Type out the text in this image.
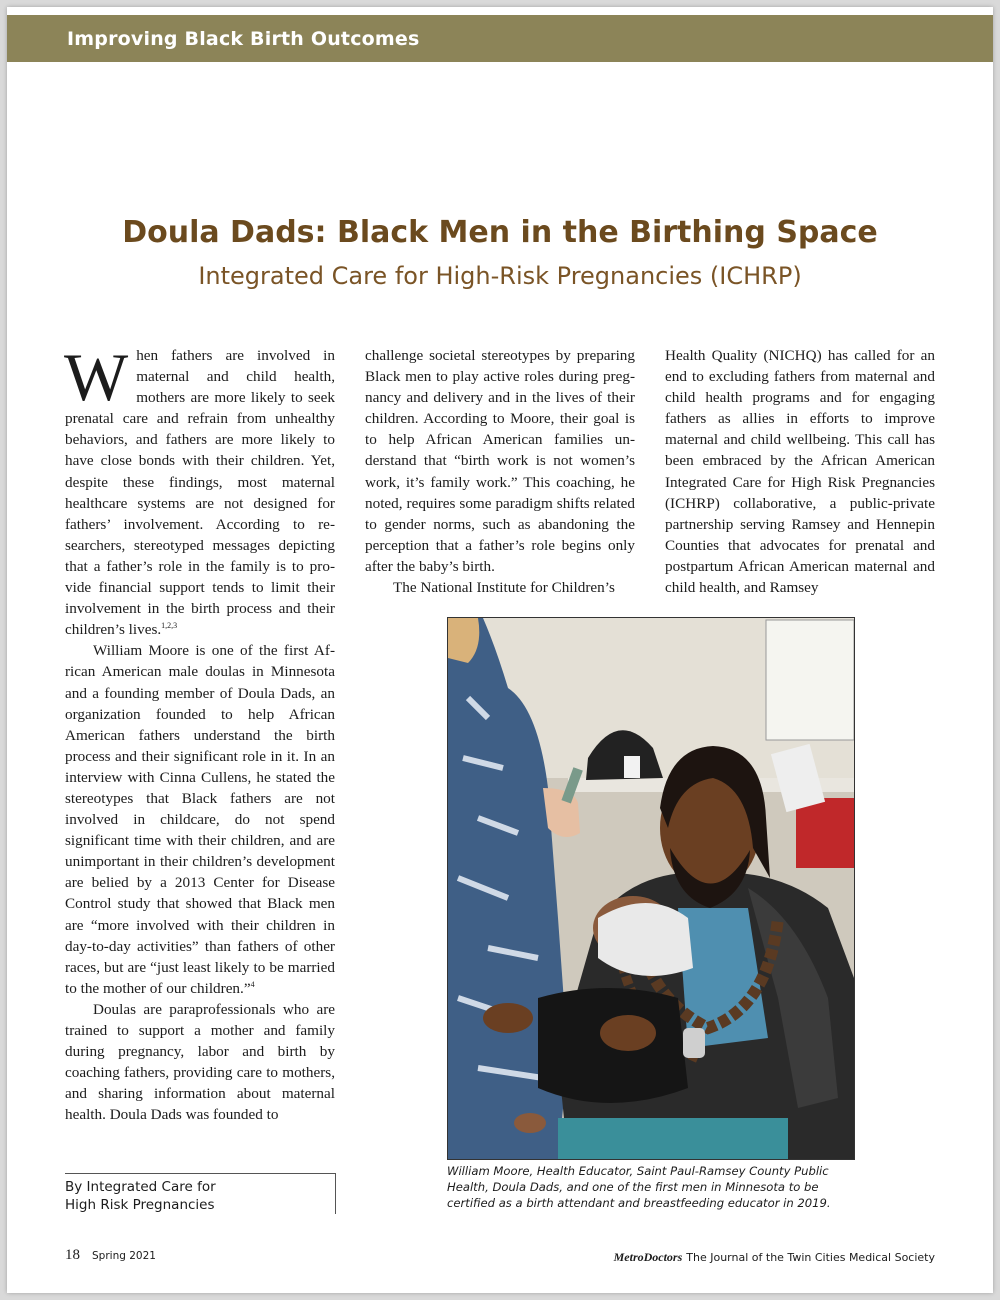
Improving Black Birth Outcomes
Doula Dads: Black Men in the Birthing Space
Integrated Care for High-Risk Pregnancies (ICHRP)

When fathers are involved in maternal and child health, mothers are more likely to seek prenatal care and refrain from unhealthy behaviors, and fathers are more likely to have close bonds with their children. Yet, despite these findings, most maternal healthcare systems are not designed for fathers’ involvement. According to researchers, stereotyped messages depicting that a father’s role in the family is to provide financial support tends to limit their involvement in the birth process and their children’s lives.$^{1,2,3}$

William Moore is one of the first African American male doulas in Minnesota and a founding member of Doula Dads, an organization founded to help African American fathers understand the birth process and their significant role in it. In an interview with Cinna Cullens, he stated the stereotypes that Black fathers are not involved in childcare, do not spend significant time with their children, and are unimportant in their children’s development are belied by a 2013 Center for Disease Control study that showed that Black men are “more involved with their children in day-to-day activities” than fathers of other races, but are “just least likely to be married to the mother of our children.”$^4$

Doulas are paraprofessionals who are trained to support a mother and family during pregnancy, labor and birth by coaching fathers, providing care to mothers, and sharing information about maternal health. Doula Dads was founded to

challenge societal stereotypes by preparing Black men to play active roles during pregnancy and delivery and in the lives of their children. According to Moore, their goal is to help African American families understand that “birth work is not women’s work, it’s family work.” This coaching, he noted, requires some paradigm shifts related to gender norms, such as abandoning the perception that a father’s role begins only after the baby’s birth.

The National Institute for Children’s

Health Quality (NICHQ) has called for an end to excluding fathers from maternal and child health programs and for engaging fathers as allies in efforts to improve maternal and child wellbeing. This call has been embraced by the African American Integrated Care for High Risk Pregnancies (ICHRP) collaborative, a public-private partnership serving Ramsey and Hennepin Counties that advocates for prenatal and postpartum African American maternal and child health, and Ramsey

William Moore, Health Educator, Saint Paul-Ramsey County Public Health, Doula Dads, and one of the first men in Minnesota to be certified as a birth attendant and breastfeeding educator in 2019.
By Integrated Care for
High Risk Pregnancies
18 Spring 2021	MetroDoctors The Journal of the Twin Cities Medical Society
